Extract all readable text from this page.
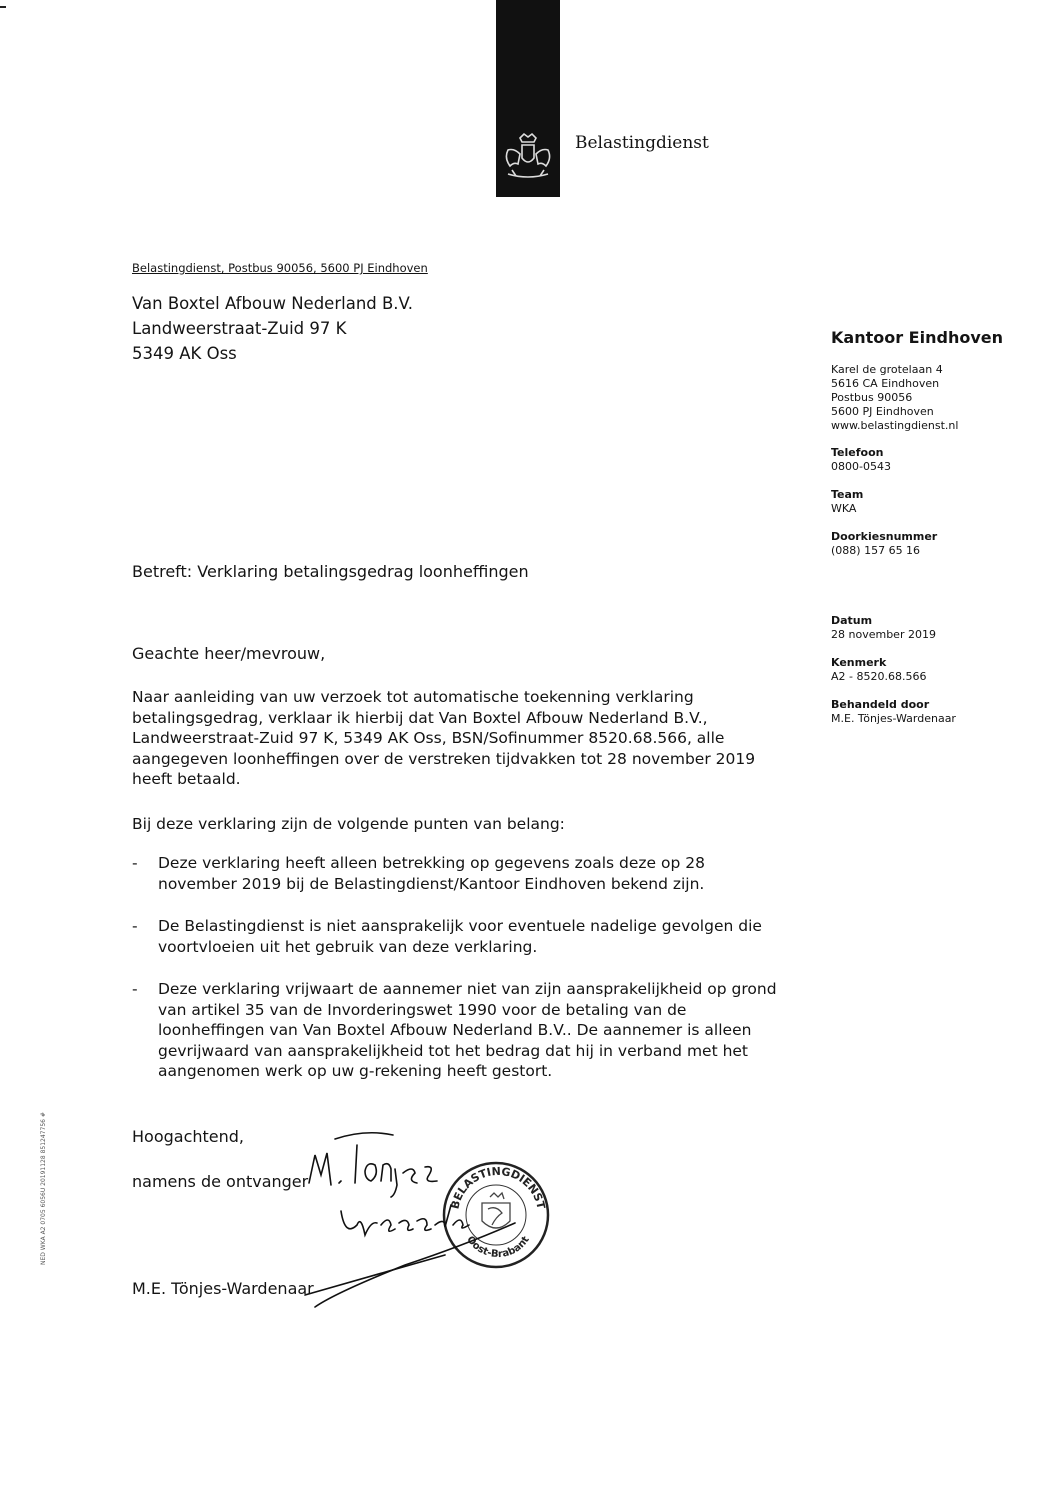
Belastingdienst
Belastingdienst, Postbus 90056, 5600 PJ Eindhoven
Van Boxtel Afbouw Nederland B.V.
Landweerstraat-Zuid 97 K
5349 AK Oss
Kantoor Eindhoven
Karel de grotelaan 4
5616 CA Eindhoven
Postbus 90056
5600 PJ Eindhoven
www.belastingdienst.nl
Telefoon
0800-0543
Team
WKA
Doorkiesnummer
(088) 157 65 16
Datum
28 november 2019
Kenmerk
A2 - 8520.68.566
Behandeld door
M.E. Tönjes-Wardenaar
Betreft: Verklaring betalingsgedrag loonheffingen
Geachte heer/mevrouw,
Naar aanleiding van uw verzoek tot automatische toekenning verklaring
betalingsgedrag, verklaar ik hierbij dat Van Boxtel Afbouw Nederland B.V.,
Landweerstraat-Zuid 97 K, 5349 AK Oss, BSN/Sofinummer 8520.68.566, alle
aangegeven loonheffingen over de verstreken tijdvakken tot 28 november 2019
heeft betaald.
Bij deze verklaring zijn de volgende punten van belang:
-	Deze verklaring heeft alleen betrekking op gegevens zoals deze op 28
november 2019 bij de Belastingdienst/Kantoor Eindhoven bekend zijn.
-	De Belastingdienst is niet aansprakelijk voor eventuele nadelige gevolgen die
voortvloeien uit het gebruik van deze verklaring.
-	Deze verklaring vrijwaart de aannemer niet van zijn aansprakelijkheid op grond
van artikel 35 van de Invorderingswet 1990 voor de betaling van de
loonheffingen van Van Boxtel Afbouw Nederland B.V.. De aannemer is alleen
gevrijwaard van aansprakelijkheid tot het bedrag dat hij in verband met het
aangenomen werk op uw g-rekening heeft gestort.
Hoogachtend,
namens de ontvanger
M.E. Tönjes-Wardenaar
BELASTINGDIENST
Oost-Brabant
NED WKA A2 0705 6056U 20191128 851247756 #
